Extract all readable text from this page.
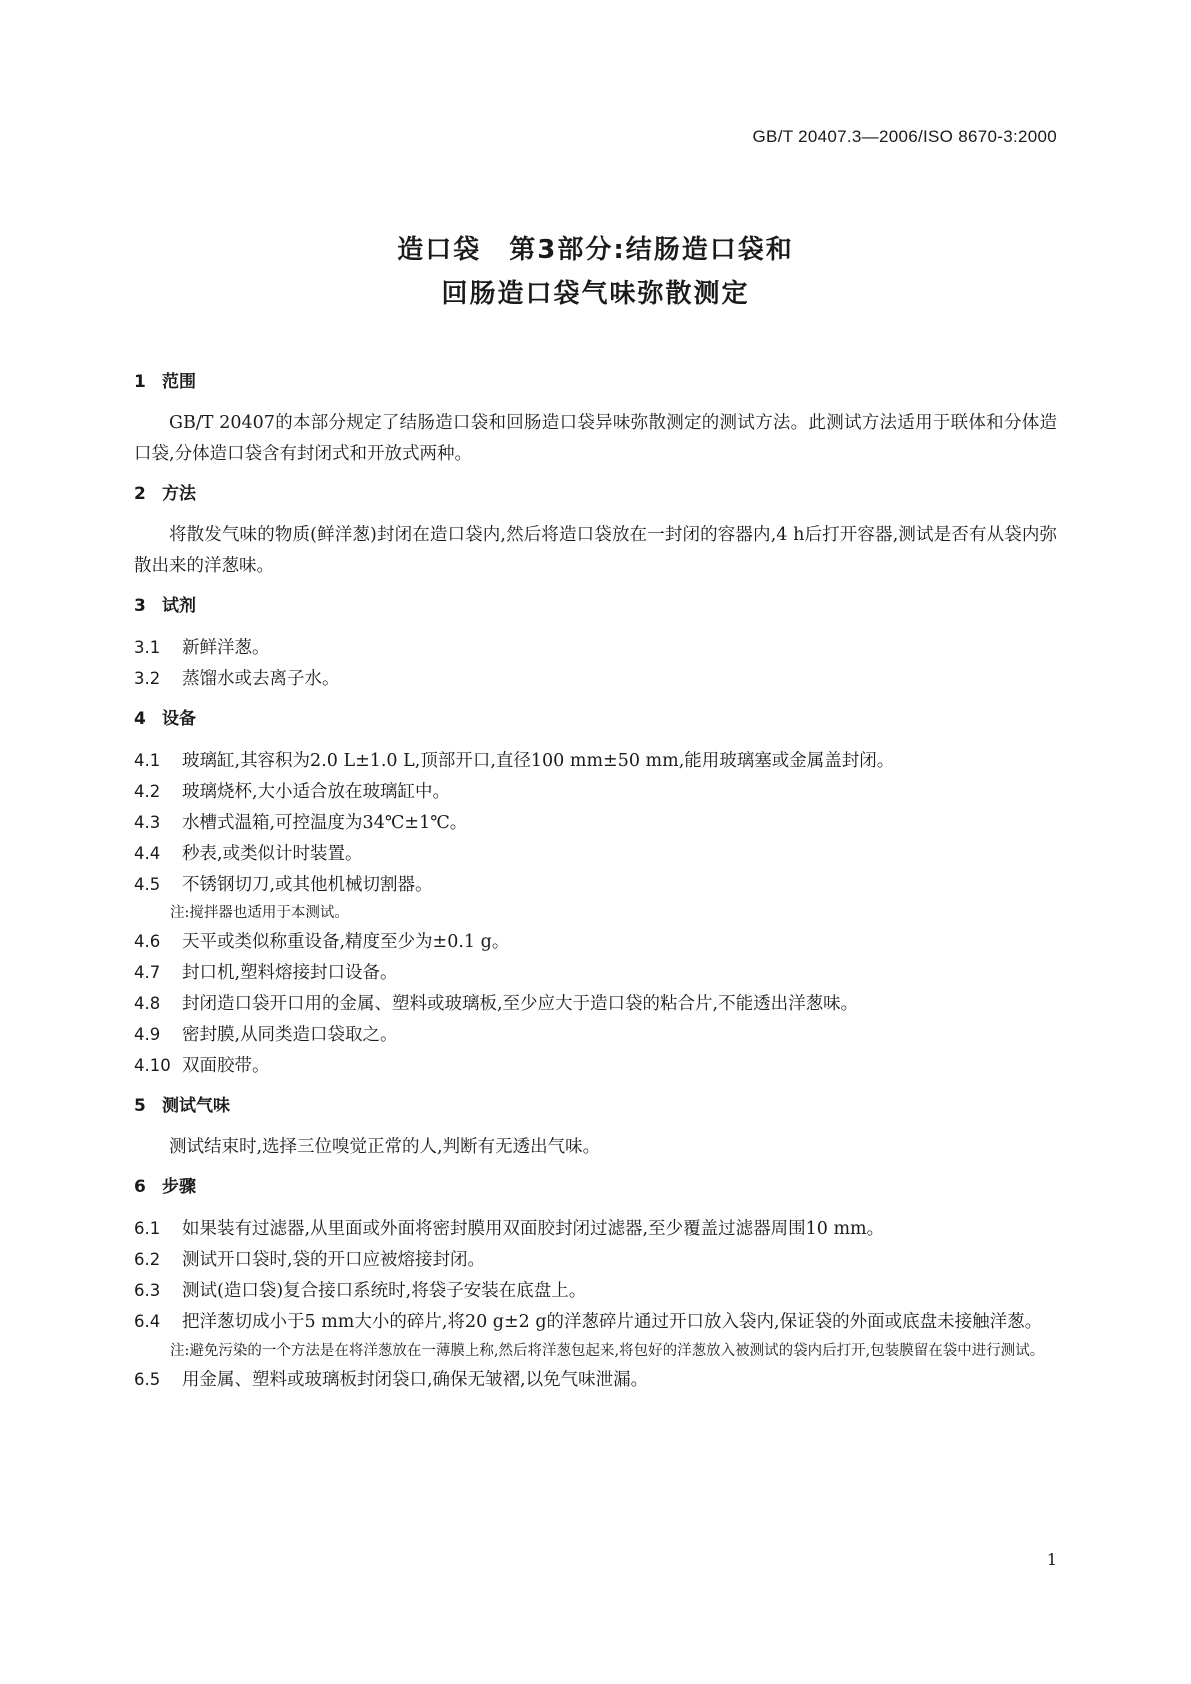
GB/T 20407.3—2006/ISO 8670-3:2000
造口袋　第3部分:结肠造口袋和
回肠造口袋气味弥散测定
1 范围

GB/T 20407的本部分规定了结肠造口袋和回肠造口袋异味弥散测定的测试方法。此测试方法适用于联体和分体造口袋,分体造口袋含有封闭式和开放式两种。

2 方法

将散发气味的物质(鲜洋葱)封闭在造口袋内,然后将造口袋放在一封闭的容器内,4 h后打开容器,测试是否有从袋内弥散出来的洋葱味。

3 试剂
3.1 新鲜洋葱。
3.2 蒸馏水或去离子水。
4 设备
4.1 玻璃缸,其容积为2.0 L±1.0 L,顶部开口,直径100 mm±50 mm,能用玻璃塞或金属盖封闭。
4.2 玻璃烧杯,大小适合放在玻璃缸中。
4.3 水槽式温箱,可控温度为34℃±1℃。
4.4 秒表,或类似计时装置。
4.5 不锈钢切刀,或其他机械切割器。
注:搅拌器也适用于本测试。
4.6 天平或类似称重设备,精度至少为±0.1 g。
4.7 封口机,塑料熔接封口设备。
4.8 封闭造口袋开口用的金属、塑料或玻璃板,至少应大于造口袋的粘合片,不能透出洋葱味。
4.9 密封膜,从同类造口袋取之。
4.10 双面胶带。
5 测试气味

测试结束时,选择三位嗅觉正常的人,判断有无透出气味。

6 步骤
6.1 如果装有过滤器,从里面或外面将密封膜用双面胶封闭过滤器,至少覆盖过滤器周围10 mm。
6.2 测试开口袋时,袋的开口应被熔接封闭。
6.3 测试(造口袋)复合接口系统时,将袋子安装在底盘上。
6.4 把洋葱切成小于5 mm大小的碎片,将20 g±2 g的洋葱碎片通过开口放入袋内,保证袋的外面或底盘未接触洋葱。
注:避免污染的一个方法是在将洋葱放在一薄膜上称,然后将洋葱包起来,将包好的洋葱放入被测试的袋内后打开,包装膜留在袋中进行测试。
6.5 用金属、塑料或玻璃板封闭袋口,确保无皱褶,以免气味泄漏。
1
